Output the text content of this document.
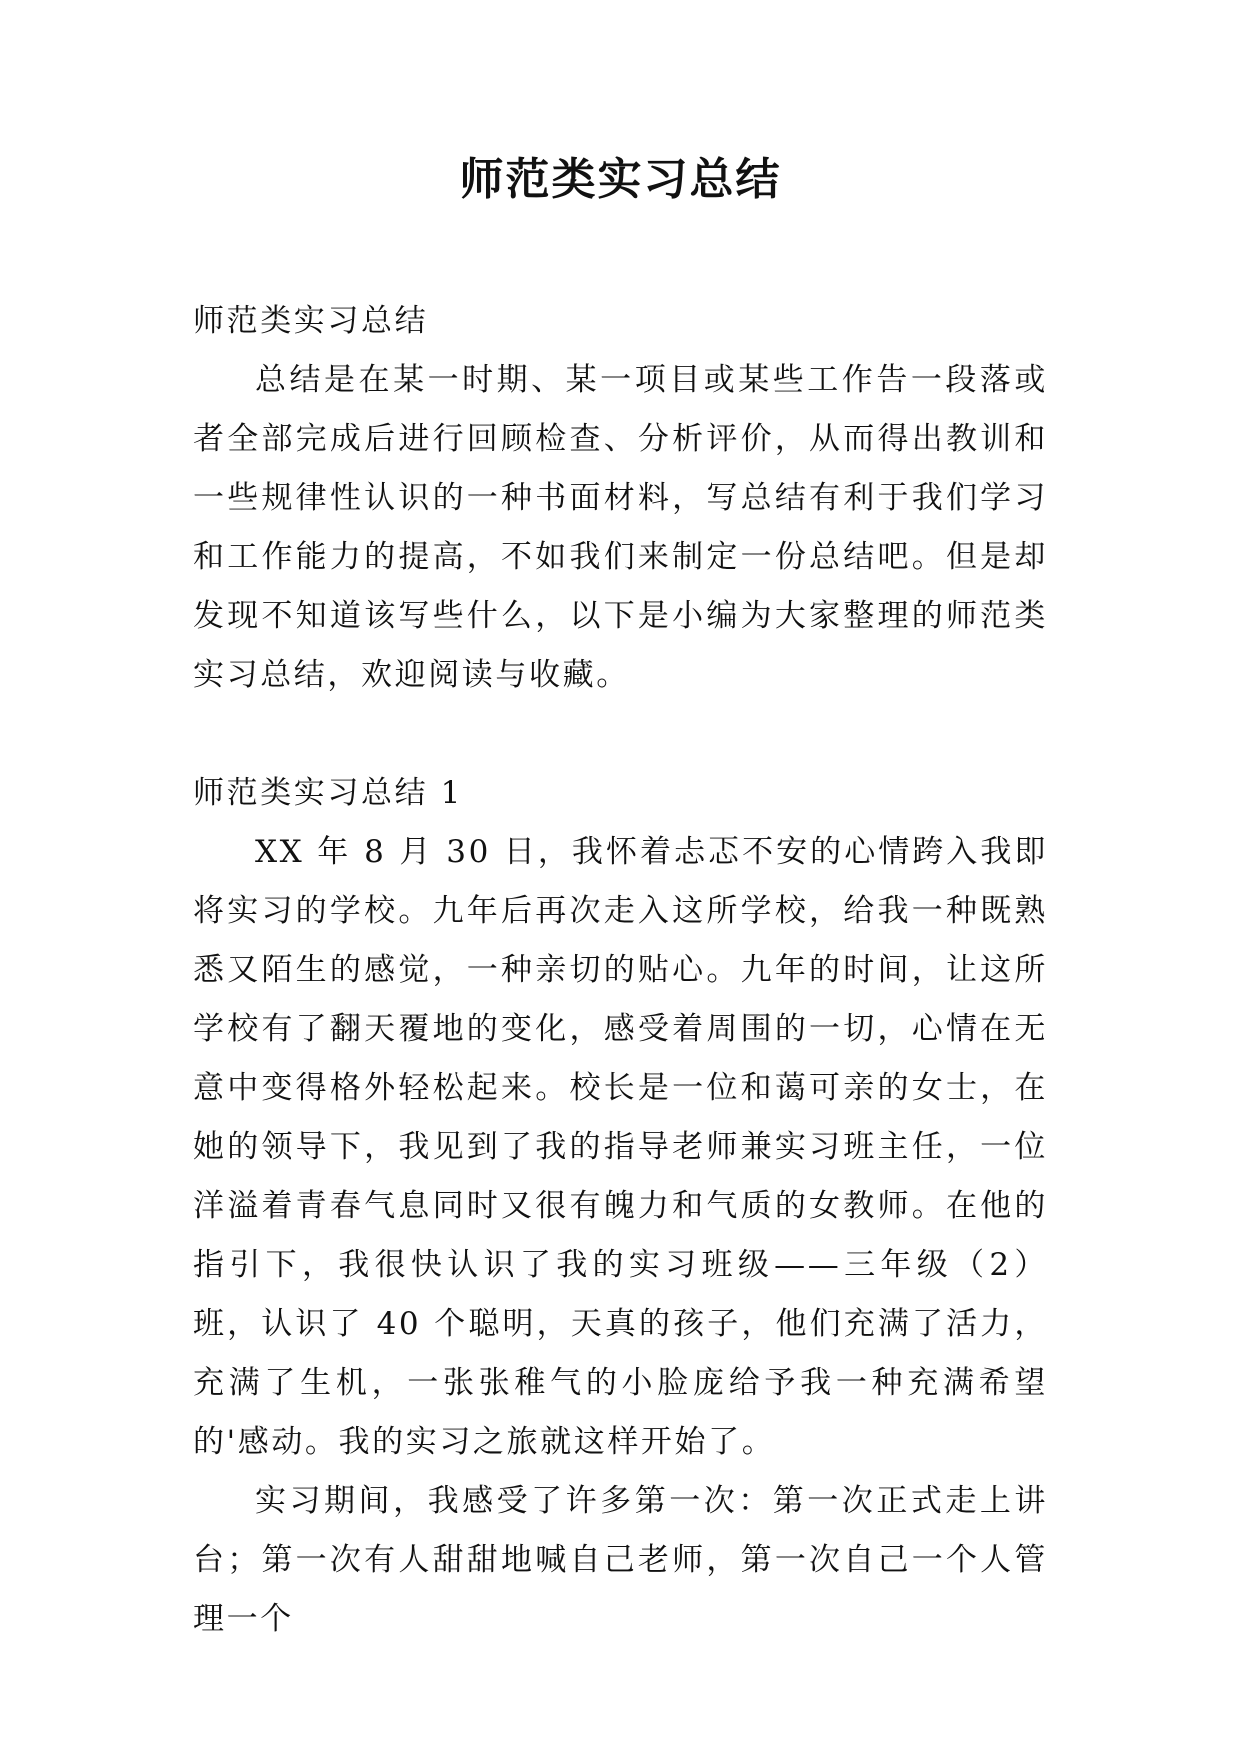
师范类实习总结
师范类实习总结

总结是在某一时期、某一项目或某些工作告一段落或者全部完成后进行回顾检查、分析评价，从而得出教训和一些规律性认识的一种书面材料，写总结有利于我们学习和工作能力的提高，不如我们来制定一份总结吧。但是却发现不知道该写些什么，以下是小编为大家整理的师范类实习总结，欢迎阅读与收藏。

师范类实习总结 1

XX 年 8 月 30 日，我怀着忐忑不安的心情跨入我即将实习的学校。九年后再次走入这所学校，给我一种既熟悉又陌生的感觉，一种亲切的贴心。九年的时间，让这所学校有了翻天覆地的变化，感受着周围的一切，心情在无意中变得格外轻松起来。校长是一位和蔼可亲的女士，在她的领导下，我见到了我的指导老师兼实习班主任，一位洋溢着青春气息同时又很有魄力和气质的女教师。在他的指引下，我很快认识了我的实习班级——三年级（2）班，认识了 40 个聪明，天真的孩子，他们充满了活力，充满了生机，一张张稚气的小脸庞给予我一种充满希望的'感动。我的实习之旅就这样开始了。

实习期间，我感受了许多第一次：第一次正式走上讲台；第一次有人甜甜地喊自己老师，第一次自己一个人管理一个
